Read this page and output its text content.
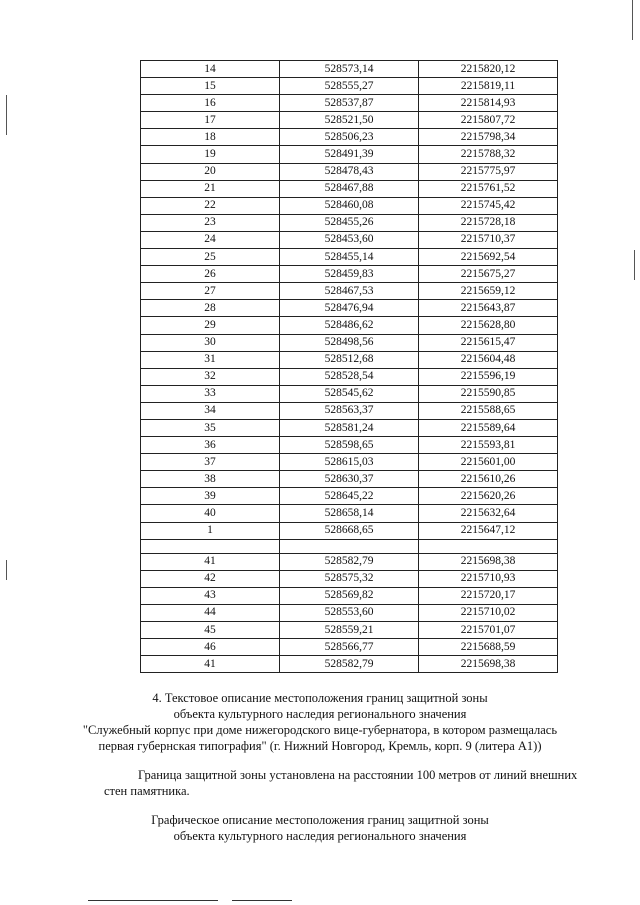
14	528573,14	2215820,12
15	528555,27	2215819,11
16	528537,87	2215814,93
17	528521,50	2215807,72
18	528506,23	2215798,34
19	528491,39	2215788,32
20	528478,43	2215775,97
21	528467,88	2215761,52
22	528460,08	2215745,42
23	528455,26	2215728,18
24	528453,60	2215710,37
25	528455,14	2215692,54
26	528459,83	2215675,27
27	528467,53	2215659,12
28	528476,94	2215643,87
29	528486,62	2215628,80
30	528498,56	2215615,47
31	528512,68	2215604,48
32	528528,54	2215596,19
33	528545,62	2215590,85
34	528563,37	2215588,65
35	528581,24	2215589,64
36	528598,65	2215593,81
37	528615,03	2215601,00
38	528630,37	2215610,26
39	528645,22	2215620,26
40	528658,14	2215632,64
1	528668,65	2215647,12

41	528582,79	2215698,38
42	528575,32	2215710,93
43	528569,82	2215720,17
44	528553,60	2215710,02
45	528559,21	2215701,07
46	528566,77	2215688,59
41	528582,79	2215698,38

4. Текстовое описание местоположения границ защитной зоны

объекта культурного наследия регионального значения

"Служебный корпус при доме нижегородского вице-губернатора, в котором размещалась

первая губернская типография" (г. Нижний Новгород, Кремль, корп. 9 (литера А1))

Граница защитной зоны установлена на расстоянии 100 метров от линий внешних

стен памятника.

Графическое описание местоположения границ защитной зоны

объекта культурного наследия регионального значения
